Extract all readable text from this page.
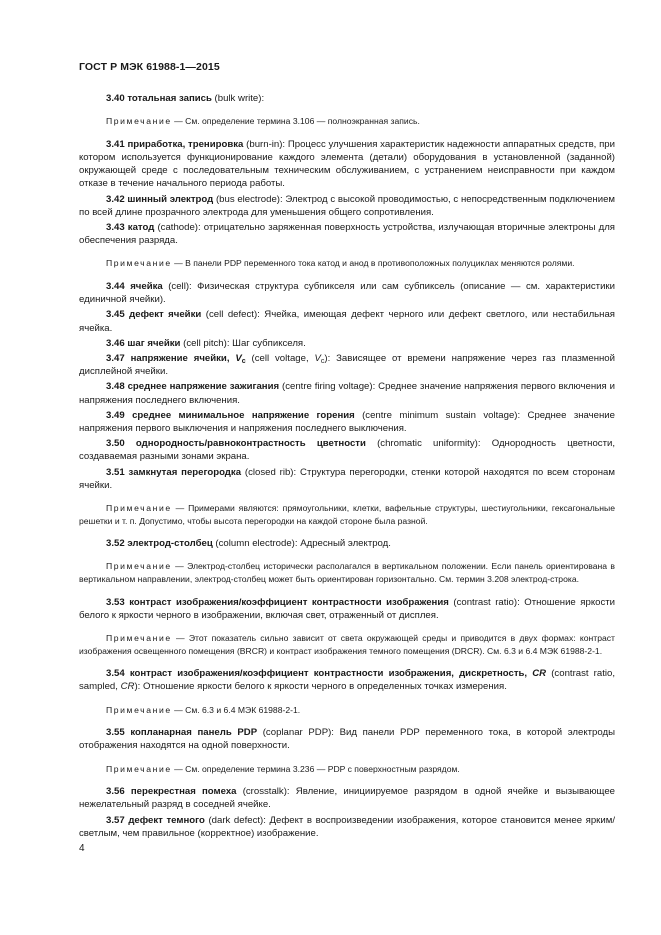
ГОСТ Р МЭК 61988-1—2015

3.40 тотальная запись (bulk write):

Примечание — См. определение термина 3.106 — полноэкранная запись.

3.41 приработка, тренировка (burn-in): Процесс улучшения характеристик надежности аппаратных средств, при котором используется функционирование каждого элемента (детали) оборудования в установленной (заданной) окружающей среде с последовательным техническим обслуживанием, с устранением неисправности при каждом отказе в течение начального периода работы.

3.42 шинный электрод (bus electrode): Электрод с высокой проводимостью, с непосредственным подключением по всей длине прозрачного электрода для уменьшения общего сопротивления.

3.43 катод (cathode): отрицательно заряженная поверхность устройства, излучающая вторичные электроны для обеспечения разряда.

Примечание — В панели PDP переменного тока катод и анод в противоположных полуциклах меняются ролями.

3.44 ячейка (cell): Физическая структура субпикселя или сам субпиксель (описание — см. характеристики единичной ячейки).

3.45 дефект ячейки (cell defect): Ячейка, имеющая дефект черного или дефект светлого, или нестабильная ячейка.

3.46 шаг ячейки (cell pitch): Шаг субпикселя.

3.47 напряжение ячейки, $V_c$ (cell voltage, $V_c$): Зависящее от времени напряжение через газ плазменной дисплейной ячейки.

3.48 среднее напряжение зажигания (centre firing voltage): Среднее значение напряжения первого включения и напряжения последнего включения.

3.49 среднее минимальное напряжение горения (centre minimum sustain voltage): Среднее значение напряжения первого выключения и напряжения последнего выключения.

3.50 однородность/равноконтрастность цветности (chromatic uniformity): Однородность цветности, создаваемая разными зонами экрана.

3.51 замкнутая перегородка (closed rib): Структура перегородки, стенки которой находятся по всем сторонам ячейки.

Примечание — Примерами являются: прямоугольники, клетки, вафельные структуры, шестиугольники, гексагональные решетки и т. п. Допустимо, чтобы высота перегородки на каждой стороне была разной.

3.52 электрод-столбец (column electrode): Адресный электрод.

Примечание — Электрод-столбец исторически располагался в вертикальном положении. Если панель ориентирована в вертикальном направлении, электрод-столбец может быть ориентирован горизонтально. См. термин 3.208 электрод-строка.

3.53 контраст изображения/коэффициент контрастности изображения (contrast ratio): Отношение яркости белого к яркости черного в изображении, включая свет, отраженный от дисплея.

Примечание — Этот показатель сильно зависит от света окружающей среды и приводится в двух формах: контраст изображения освещенного помещения (BRCR) и контраст изображения темного помещения (DRCR). См. 6.3 и 6.4 МЭК 61988-2-1.

3.54 контраст изображения/коэффициент контрастности изображения, дискретность, CR (contrast ratio, sampled, CR): Отношение яркости белого к яркости черного в определенных точках измерения.

Примечание — См. 6.3 и 6.4 МЭК 61988-2-1.

3.55 копланарная панель PDP (coplanar PDP): Вид панели PDP переменного тока, в которой электроды отображения находятся на одной поверхности.

Примечание — См. определение термина 3.236 — PDP с поверхностным разрядом.

3.56 перекрестная помеха (crosstalk): Явление, инициируемое разрядом в одной ячейке и вызывающее нежелательный разряд в соседней ячейке.

3.57 дефект темного (dark defect): Дефект в воспроизведении изображения, которое становится менее ярким/светлым, чем правильное (корректное) изображение.

4
